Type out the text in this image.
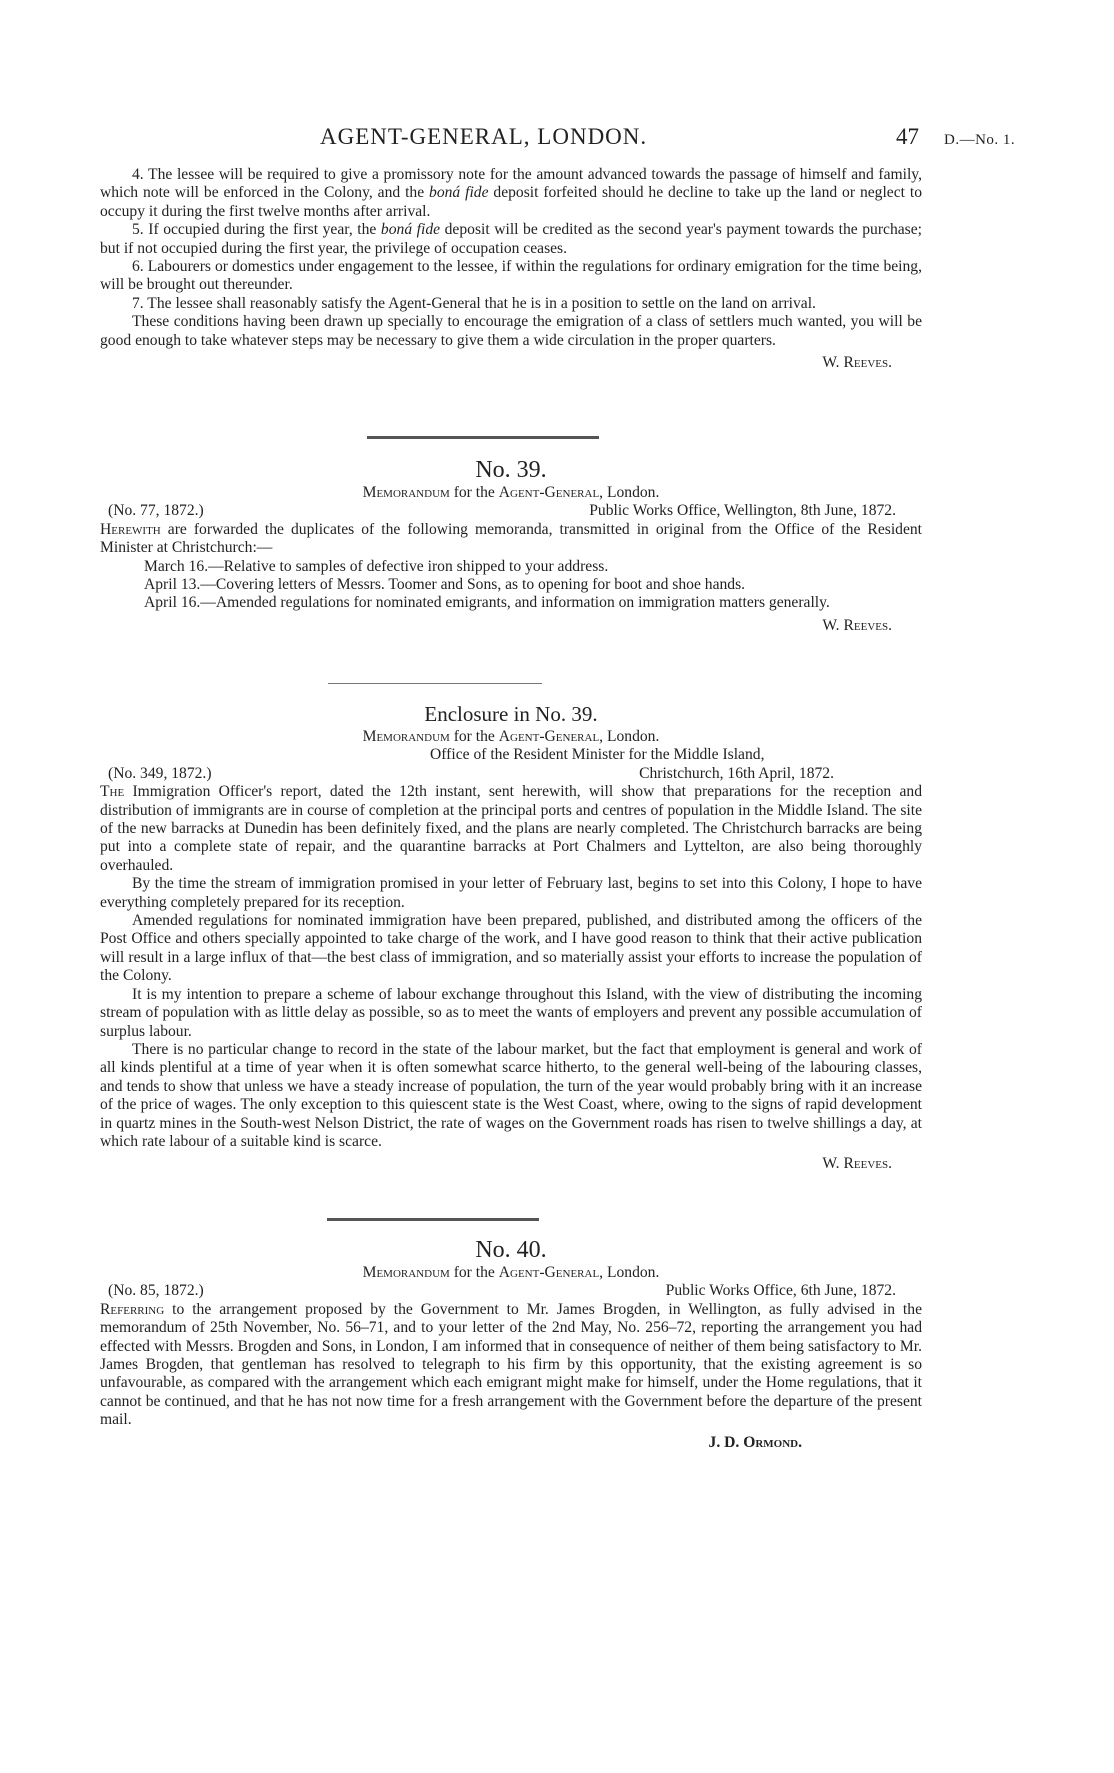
AGENT-GENERAL, LONDON.	47 D.—No. 1.

4. The lessee will be required to give a promissory note for the amount advanced towards the passage of himself and family, which note will be enforced in the Colony, and the boná fide deposit forfeited should he decline to take up the land or neglect to occupy it during the first twelve months after arrival.

5. If occupied during the first year, the boná fide deposit will be credited as the second year's payment towards the purchase; but if not occupied during the first year, the privilege of occupation ceases.

6. Labourers or domestics under engagement to the lessee, if within the regulations for ordinary emigration for the time being, will be brought out thereunder.

7. The lessee shall reasonably satisfy the Agent-General that he is in a position to settle on the land on arrival.

These conditions having been drawn up specially to encourage the emigration of a class of settlers much wanted, you will be good enough to take whatever steps may be necessary to give them a wide circulation in the proper quarters.

W. Reeves.

No. 39.

Memorandum for the Agent-General, London.

(No. 77, 1872.)	Public Works Office, Wellington, 8th June, 1872.

Herewith are forwarded the duplicates of the following memoranda, transmitted in original from the Office of the Resident Minister at Christchurch:—

March 16.—Relative to samples of defective iron shipped to your address.

April 13.—Covering letters of Messrs. Toomer and Sons, as to opening for boot and shoe hands.

April 16.—Amended regulations for nominated emigrants, and information on immigration matters generally.

W. Reeves.

Enclosure in No. 39.

Memorandum for the Agent-General, London.

Office of the Resident Minister for the Middle Island,

(No. 349, 1872.)	Christchurch, 16th April, 1872.

The Immigration Officer's report, dated the 12th instant, sent herewith, will show that preparations for the reception and distribution of immigrants are in course of completion at the principal ports and centres of population in the Middle Island. The site of the new barracks at Dunedin has been definitely fixed, and the plans are nearly completed. The Christchurch barracks are being put into a complete state of repair, and the quarantine barracks at Port Chalmers and Lyttelton, are also being thoroughly overhauled.

By the time the stream of immigration promised in your letter of February last, begins to set into this Colony, I hope to have everything completely prepared for its reception.

Amended regulations for nominated immigration have been prepared, published, and distributed among the officers of the Post Office and others specially appointed to take charge of the work, and I have good reason to think that their active publication will result in a large influx of that—the best class of immigration, and so materially assist your efforts to increase the population of the Colony.

It is my intention to prepare a scheme of labour exchange throughout this Island, with the view of distributing the incoming stream of population with as little delay as possible, so as to meet the wants of employers and prevent any possible accumulation of surplus labour.

There is no particular change to record in the state of the labour market, but the fact that employment is general and work of all kinds plentiful at a time of year when it is often somewhat scarce hitherto, to the general well-being of the labouring classes, and tends to show that unless we have a steady increase of population, the turn of the year would probably bring with it an increase of the price of wages. The only exception to this quiescent state is the West Coast, where, owing to the signs of rapid development in quartz mines in the South-west Nelson District, the rate of wages on the Government roads has risen to twelve shillings a day, at which rate labour of a suitable kind is scarce.

W. Reeves.

No. 40.

Memorandum for the Agent-General, London.

(No. 85, 1872.)	Public Works Office, 6th June, 1872.

Referring to the arrangement proposed by the Government to Mr. James Brogden, in Wellington, as fully advised in the memorandum of 25th November, No. 56–71, and to your letter of the 2nd May, No. 256–72, reporting the arrangement you had effected with Messrs. Brogden and Sons, in London, I am informed that in consequence of neither of them being satisfactory to Mr. James Brogden, that gentleman has resolved to telegraph to his firm by this opportunity, that the existing agreement is so unfavourable, as compared with the arrangement which each emigrant might make for himself, under the Home regulations, that it cannot be continued, and that he has not now time for a fresh arrangement with the Government before the departure of the present mail.

J. D. Ormond.
